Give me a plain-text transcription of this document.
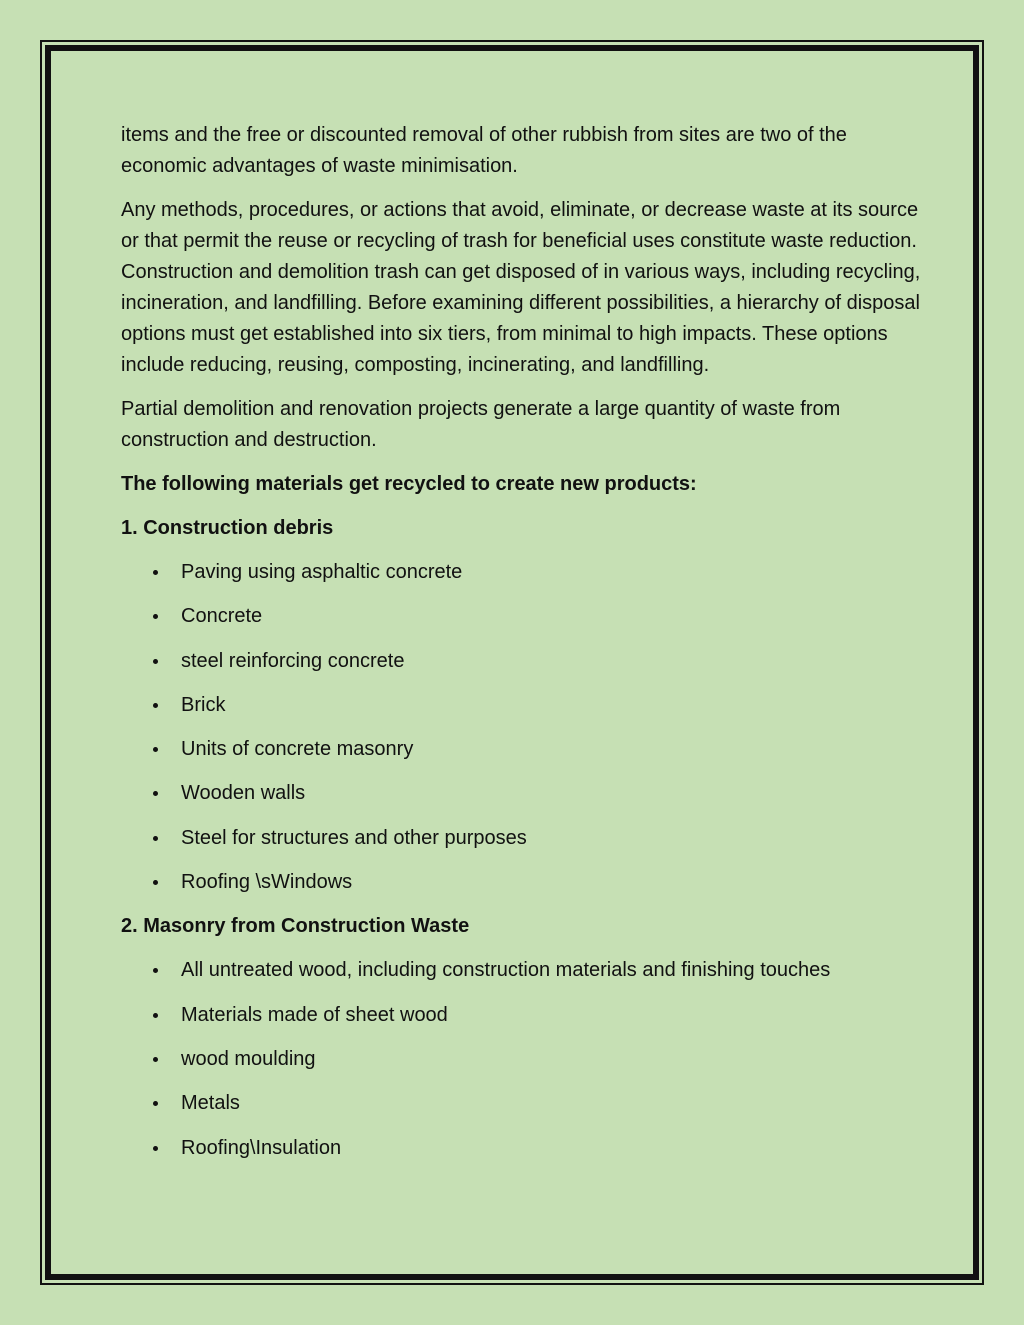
items and the free or discounted removal of other rubbish from sites are two of the economic advantages of waste minimisation.

Any methods, procedures, or actions that avoid, eliminate, or decrease waste at its source or that permit the reuse or recycling of trash for beneficial uses constitute waste reduction. Construction and demolition trash can get disposed of in various ways, including recycling, incineration, and landfilling. Before examining different possibilities, a hierarchy of disposal options must get established into six tiers, from minimal to high impacts. These options include reducing, reusing, composting, incinerating, and landfilling.

Partial demolition and renovation projects generate a large quantity of waste from construction and destruction.

The following materials get recycled to create new products:

1. Construction debris

Paving using asphaltic concrete
Concrete
steel reinforcing concrete
Brick
Units of concrete masonry
Wooden walls
Steel for structures and other purposes
Roofing \sWindows

2. Masonry from Construction Waste

All untreated wood, including construction materials and finishing touches
Materials made of sheet wood
wood moulding
Metals
Roofing\Insulation
